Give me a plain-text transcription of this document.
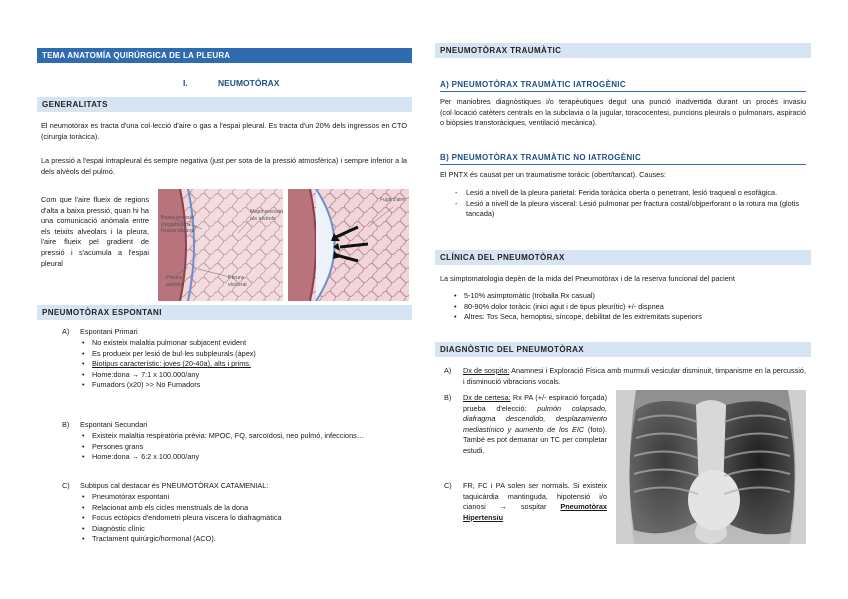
TEMA ANATOMÍA QUIRÚRGICA DE LA PLEURA
I.	NEUMOTÓRAX
GENERALITATS
El neumotòrax es tracta d'una col·lecció d'aire o gas a l'espai pleural. Es tracta d'un 20% dels ingressos en CTO (cirurgia toràcica).
La pressió a l'espai intrapleural és sempre negativa (just per sota de la pressió atmosfèrica) i sempre inferior a la dels alvèols del pulmó.
Com que l'aire flueix de regions d'alta a baixa pressió, quan hi ha una comunicació anòmala entre els teixits alveolars i la pleura, l'aire flueix pel gradient de pressió i s'acumula a l'espai pleural
Baixa pressió (negativa) a l'espai pleural
Major pressió als alvèols
Pleura parietal
Pleura visceral
Fuga d'aire
PNEUMOTÒRAX ESPONTANI
A) Espontani Primari
• No existeix malaltia pulmonar subjacent evident
• Es produeix per lesió de bul·les subpleurals (àpex)
• Biotipus característic: joves (20-40a), alts i prims.
• Home:dona → 7:1 x 100.000/any
• Fumadors (x20) >> No Fumadors
B) Espontani Secundari
• Existeix malaltia respiratòria prèvia: MPOC, FQ, sarcoïdosi, neo pulmó, infeccions…
• Persones grans
• Home:dona → 6:2 x 100.000/any
C) Subtipus cal destacar és PNEUMOTÒRAX CATAMENIAL:
• Pneumotòrax espontani
• Relacionat amb els cicles menstruals de la dona
• Focus ectòpics d'endometri pleura viscera lo diafragmàtica
• Diagnòstic clínic
• Tractament quirúrgic/hormonal (ACO).
PNEUMOTÒRAX TRAUMÀTIC
A) PNEUMOTÒRAX TRAUMÀTIC IATROGÈNIC
Per maniobres diagnòstiques i/o terapèutiques degut una punció inadvertida durant un procés invasiu (col·locació catèters centrals en la subclavia o la jugular, toracocentesi, puncions pleurals o pulmonars, aspiració o biòpsies transtoràciques, ventilació mecànica).
B) PNEUMOTÒRAX TRAUMÀTIC NO IATROGÈNIC
El PNTX és causat per un traumatisme toràcic (obert/tancat). Causes:
- Lesió a nivell de la pleura parietal: Ferida toràcica oberta o penetrant, lesió traqueal o esofàgica.
- Lesió a nivell de la pleura visceral: Lesió pulmonar per fractura costal/objperforant o la rotura ma (glotis tancada)
CLÍNICA DEL PNEUMOTÒRAX
La simptomatologia depèn de la mida del Pneumotòrax i de la reserva funcional del pacient
• 5-10% asimptomàtic (troballa Rx casual)
• 80-90% dolor toràcic (inici agut i de tipus pleurític) +/- dispnea
• Altres: Tos Seca, hemoptisi, síncope, debilitat de les extremitats superiors
DIAGNÒSTIC DEL PNEUMOTÒRAX
A) Dx de sospita: Anamnesi i Exploració Física amb murmuli vesicular disminuit, timpanisme en la percussió, i disminució vibracions vocals.
B) Dx de certesa: Rx PA (+/- espiració forçada) prueba d'elecció: pulmón colapsado, diafragma descendido, desplazamiento mediastínico y aumento de los EIC (foto). També es pot demanar un TC per completar estudi.
C) FR, FC i PA solen ser normals. Si existeix taquicàrdia mantinguda, hipotensió i/o cianosi → sospitar Pneumotòrax Hipertensiu
